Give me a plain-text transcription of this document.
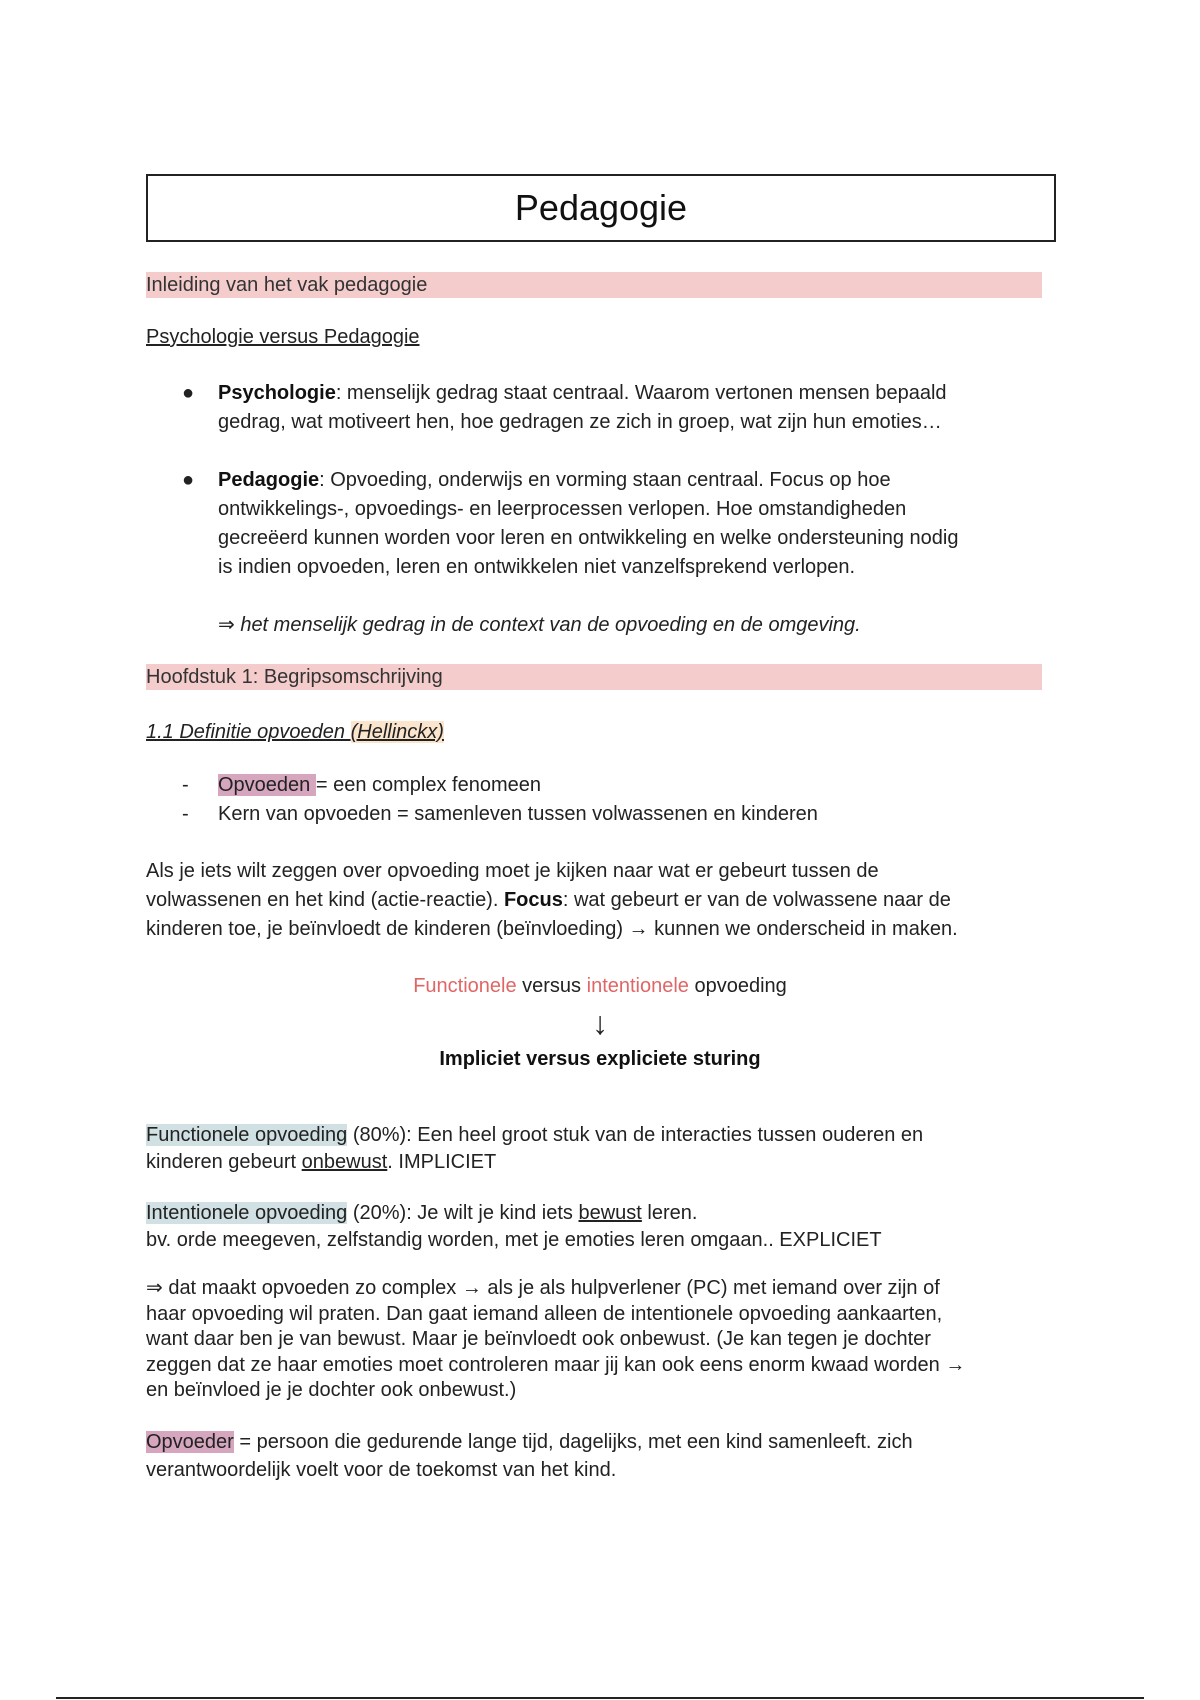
Pedagogie
Inleiding van het vak pedagogie
Psychologie versus Pedagogie
● Psychologie: menselijk gedrag staat centraal. Waarom vertonen mensen bepaald
gedrag, wat motiveert hen, hoe gedragen ze zich in groep, wat zijn hun emoties…
● Pedagogie: Opvoeding, onderwijs en vorming staan centraal. Focus op hoe
ontwikkelings-, opvoedings- en leerprocessen verlopen. Hoe omstandigheden
gecreëerd kunnen worden voor leren en ontwikkeling en welke ondersteuning nodig
is indien opvoeden, leren en ontwikkelen niet vanzelfsprekend verlopen.
⇒ het menselijk gedrag in de context van de opvoeding en de omgeving.
Hoofdstuk 1: Begripsomschrijving
1.1 Definitie opvoeden (Hellinckx)
- Opvoeden = een complex fenomeen
- Kern van opvoeden = samenleven tussen volwassenen en kinderen
Als je iets wilt zeggen over opvoeding moet je kijken naar wat er gebeurt tussen de
volwassenen en het kind (actie-reactie). Focus: wat gebeurt er van de volwassene naar de
kinderen toe, je beïnvloedt de kinderen (beïnvloeding) → kunnen we onderscheid in maken.
Functionele versus intentionele opvoeding
↓
Impliciet versus expliciete sturing
Functionele opvoeding (80%): Een heel groot stuk van de interacties tussen ouderen en
kinderen gebeurt onbewust. IMPLICIET
Intentionele opvoeding (20%): Je wilt je kind iets bewust leren.
bv. orde meegeven, zelfstandig worden, met je emoties leren omgaan.. EXPLICIET
⇒ dat maakt opvoeden zo complex → als je als hulpverlener (PC) met iemand over zijn of
haar opvoeding wil praten. Dan gaat iemand alleen de intentionele opvoeding aankaarten,
want daar ben je van bewust. Maar je beïnvloedt ook onbewust. (Je kan tegen je dochter
zeggen dat ze haar emoties moet controleren maar jij kan ook eens enorm kwaad worden →
en beïnvloed je je dochter ook onbewust.)
Opvoeder = persoon die gedurende lange tijd, dagelijks, met een kind samenleeft. zich
verantwoordelijk voelt voor de toekomst van het kind.
